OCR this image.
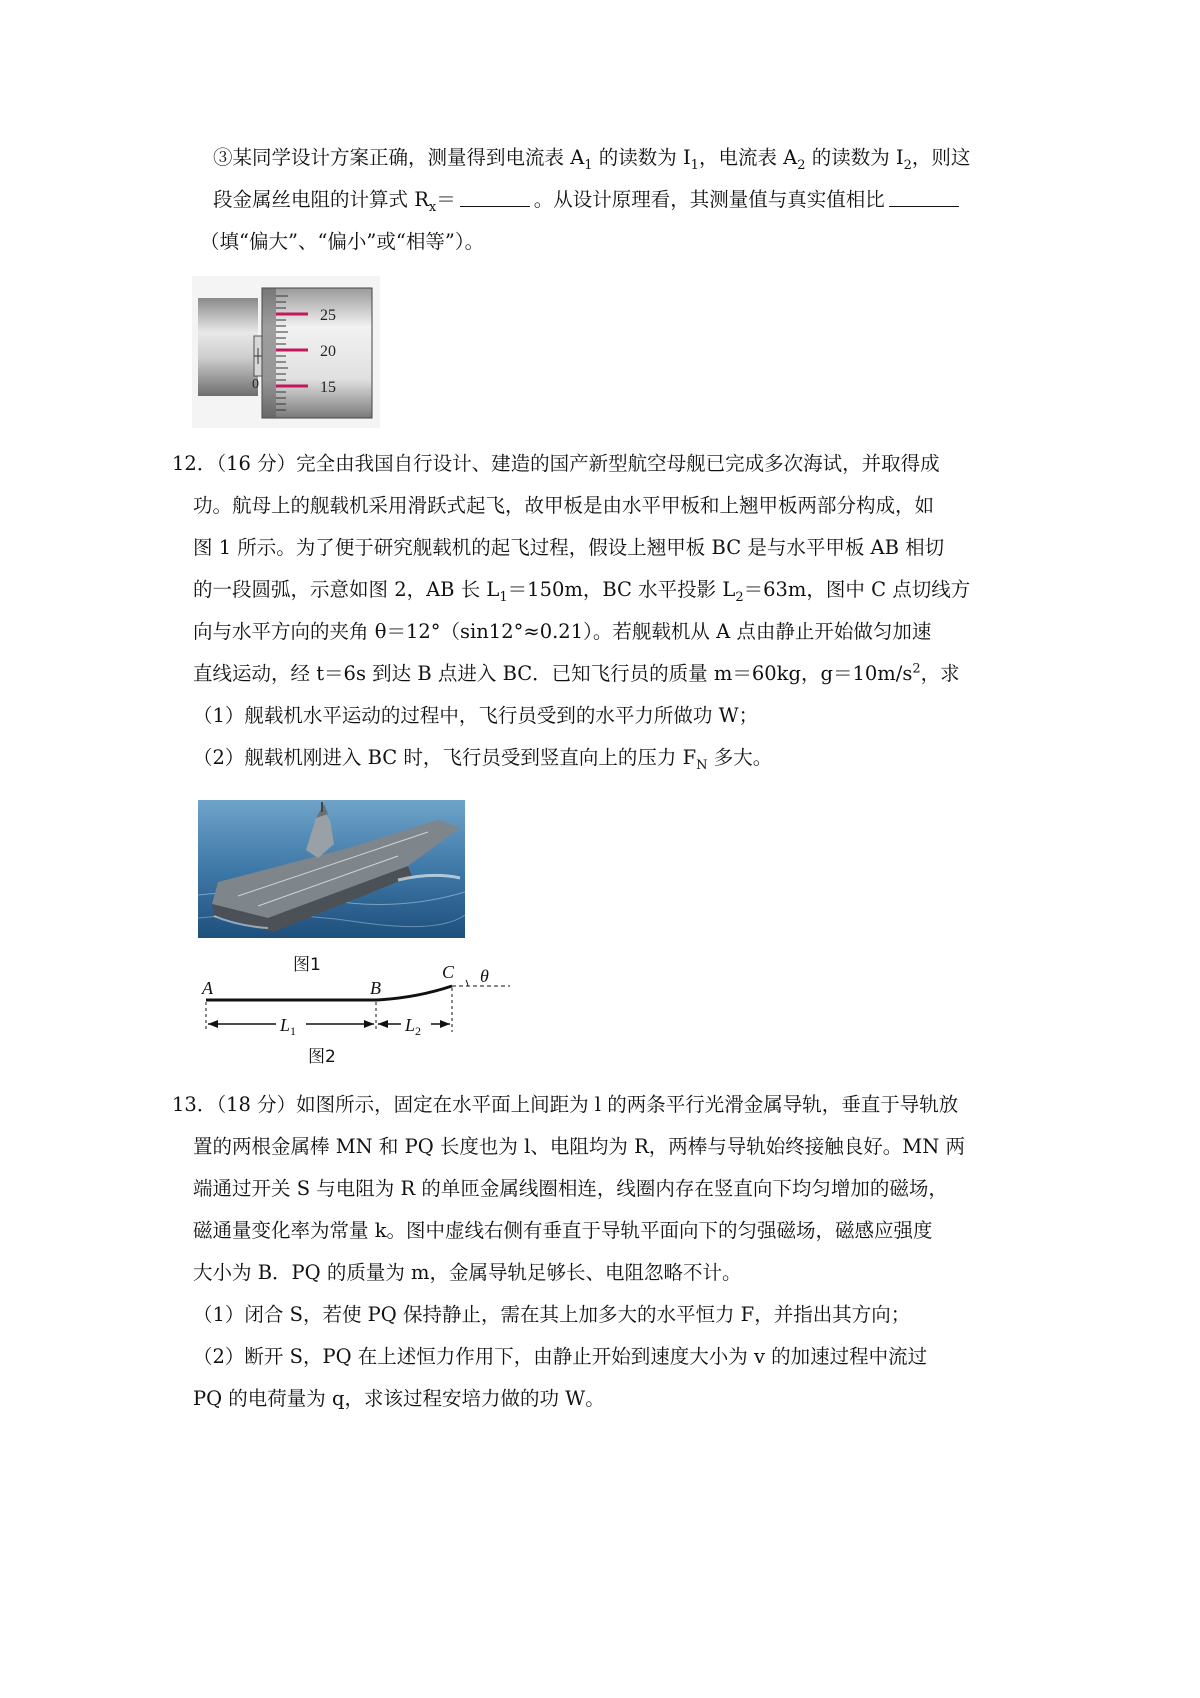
③某同学设计方案正确，测量得到电流表 $A_1$ 的读数为 $I_1$，电流表 $A_2$ 的读数为 $I_2$，则这
段金属丝电阻的计算式 $R_x=$	。从设计原理看，其测量值与真实值相比
（填“偏大”、“偏小”或“相等”）。
25
20
15
0
12．（16 分）完全由我国自行设计、建造的国产新型航空母舰已完成多次海试，并取得成
功。航母上的舰载机采用滑跃式起飞，故甲板是由水平甲板和上翘甲板两部分构成，如
图 1 所示。为了便于研究舰载机的起飞过程，假设上翘甲板 BC 是与水平甲板 AB 相切
的一段圆弧，示意如图 2，AB 长 $L_1=150m$，BC 水平投影 $L_2=63m$，图中 C 点切线方
向与水平方向的夹角 θ＝12°（sin12°≈0.21）。若舰载机从 A 点由静止开始做匀加速
直线运动，经 t＝6s 到达 B 点进入 BC．已知飞行员的质量 m＝60kg，$g=10m/s^2$，求
（1）舰载机水平运动的过程中，飞行员受到的水平力所做功 W；
（2）舰载机刚进入 BC 时，飞行员受到竖直向上的压力 $F_N$ 多大。
图1
A	B
C θ
$L_1$	$L_2$
图2
13．（18 分）如图所示，固定在水平面上间距为 l 的两条平行光滑金属导轨，垂直于导轨放
置的两根金属棒 MN 和 PQ 长度也为 l、电阻均为 R，两棒与导轨始终接触良好。MN 两
端通过开关 S 与电阻为 R 的单匝金属线圈相连，线圈内存在竖直向下均匀增加的磁场，
磁通量变化率为常量 k。图中虚线右侧有垂直于导轨平面向下的匀强磁场，磁感应强度
大小为 B．PQ 的质量为 m，金属导轨足够长、电阻忽略不计。
（1）闭合 S，若使 PQ 保持静止，需在其上加多大的水平恒力 F，并指出其方向；
（2）断开 S，PQ 在上述恒力作用下，由静止开始到速度大小为 v 的加速过程中流过
PQ 的电荷量为 q，求该过程安培力做的功 W。
